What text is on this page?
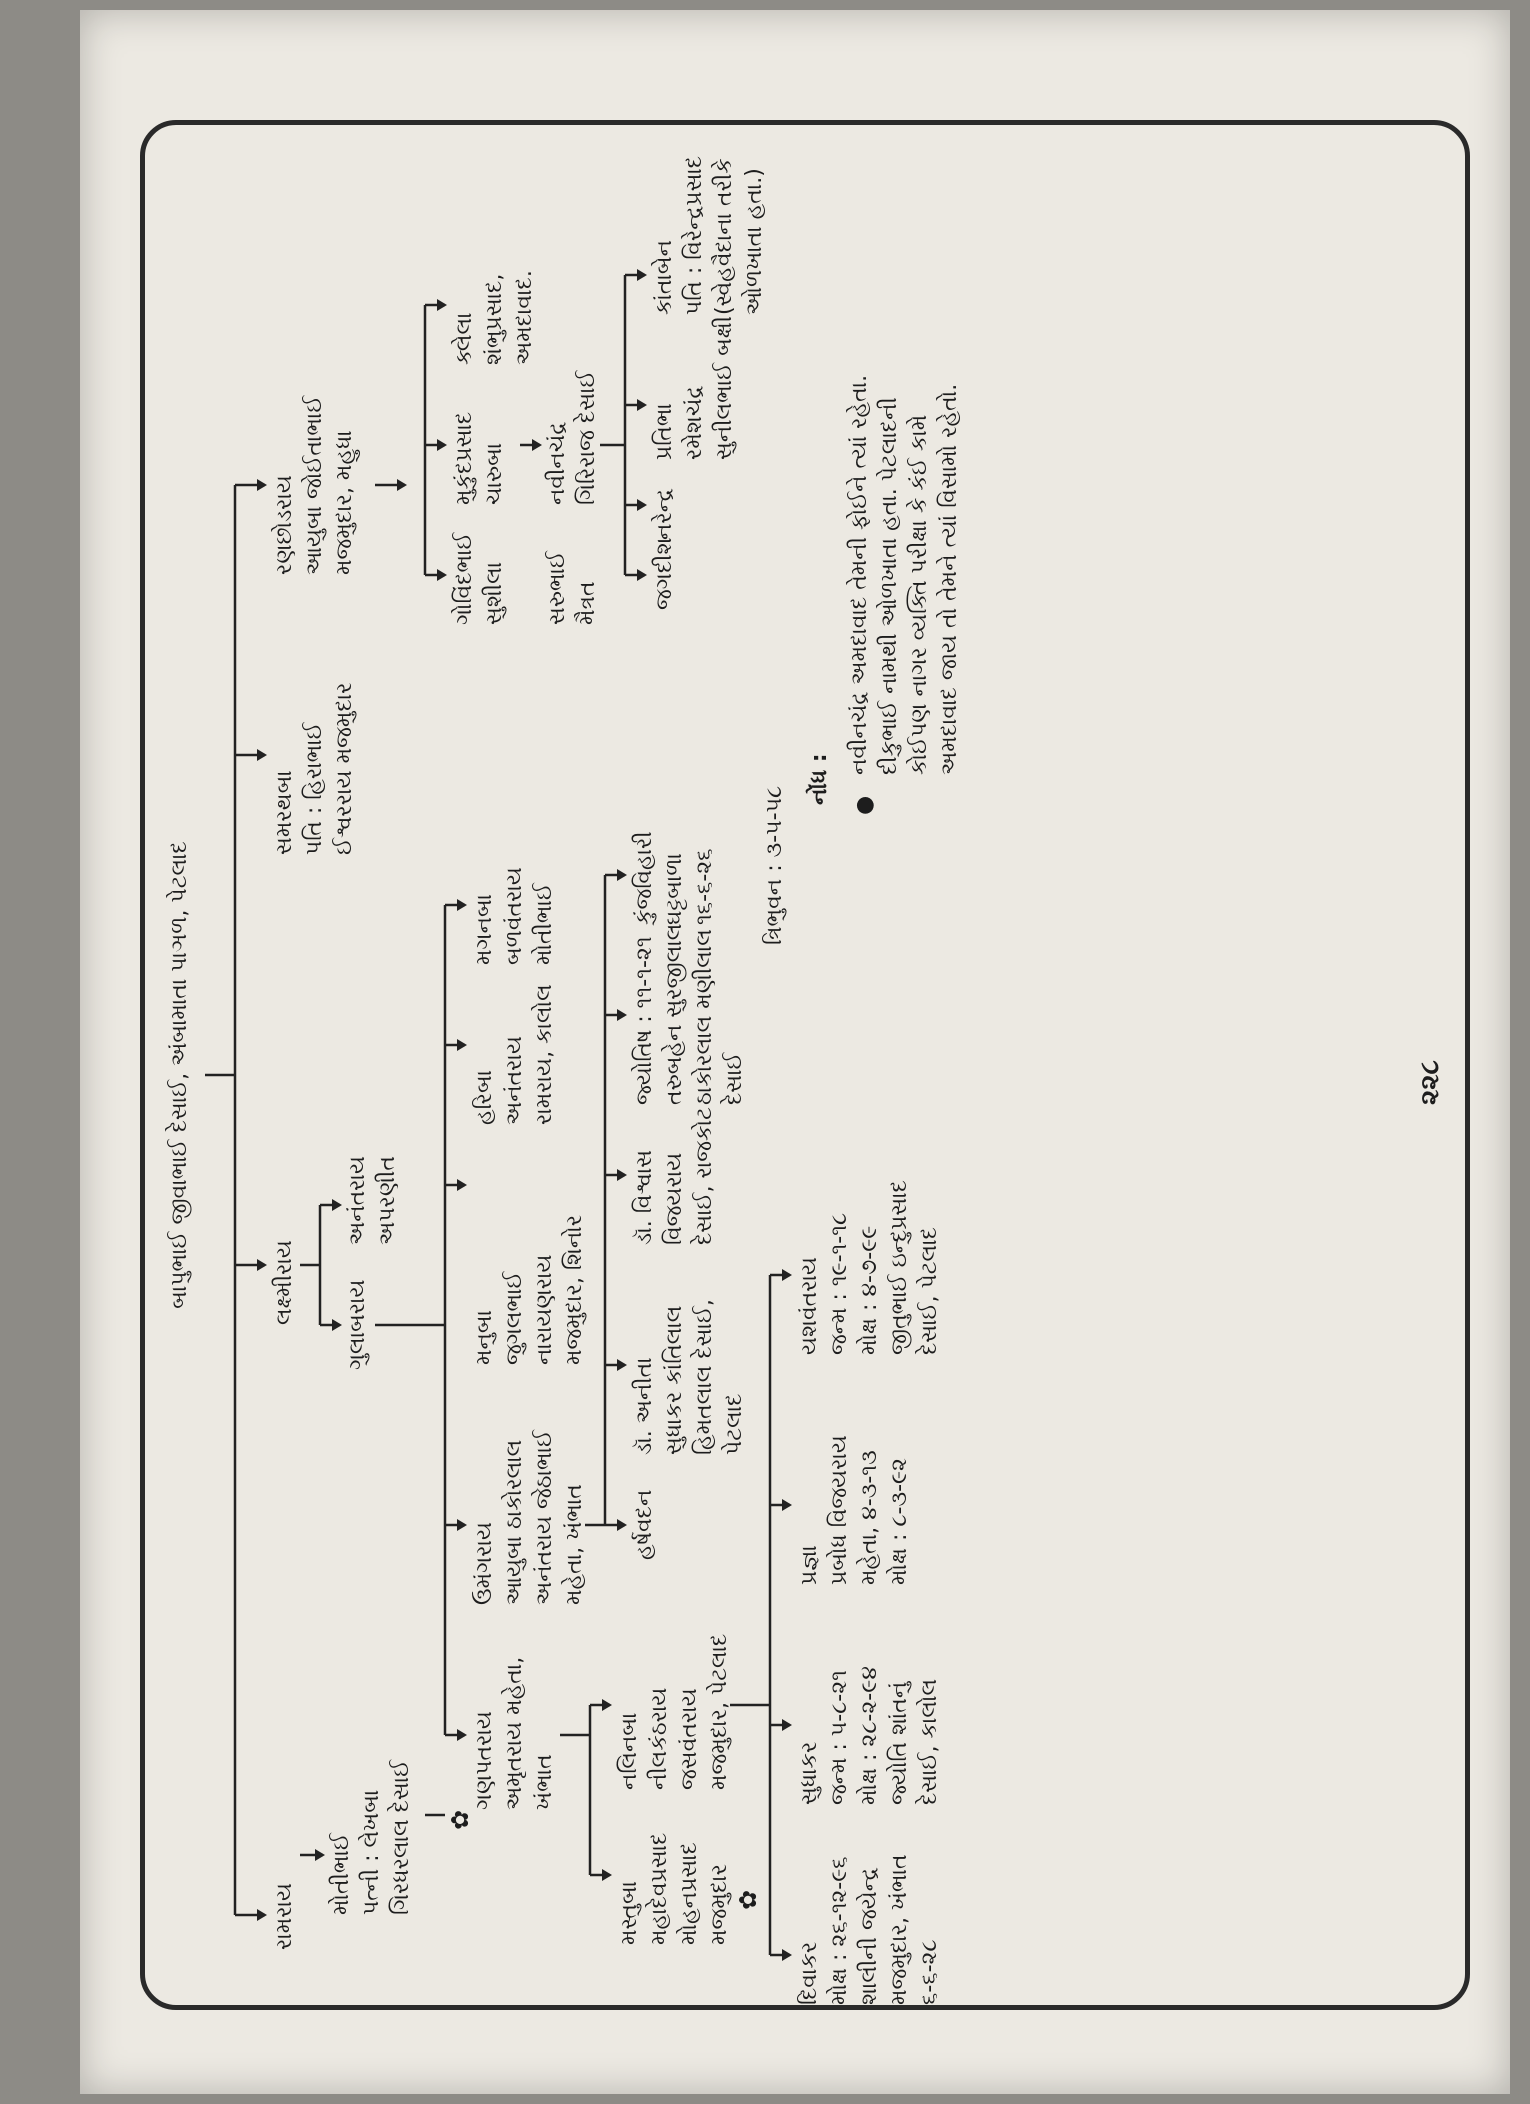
બાપુભાઈ જીવાભાઈ દેસાઈ, અંબામાતા પાઞળ, પેટલાદ
રામરાય
મોતીભાઈ
પત્ની : લેખબા
ગિરધરલાલ દેસાઈ
✿
લક્ષ્મીરાય
સમરથબા
પતિ : હિરાભાઈ
ઈશ્વરરાય મજમુદાર
રણછોડરાય
આયુબા જોઈતાભાઈ
મજમુદાર, મહુધા
ગુલાબરાય
અનંતરાય
અપરણીત
ગણપતરાય
અમૃતરાય મહેતા,
ખંભાત
ઉમંગરાય
આયુબા ઠાકોરલાલ
અનંતરાય જેઠાભાઈ
મહેતા, ખંભાત
મનુબા
જુગલભાઈ
નારાયણરાય
મજમુદાર, શિનોર
હરિબા
અનંતરાય
રામરાય, કાલોલ
મગનબા
બળવંતરાય
મોતીભાઈ
ગોવિંદભાઈ
સુશીલા
મુકુંદપ્રસાદ
ચારુબા
ક્લેલા
શંભુપ્રસાદ,
અમદાવાદ.
સરુભાઈ
મૈત્રત
નવીનચંદ્ર
ગિરિરાજ દેસાઈ
જગદીશ
નરેન્દ્ર
પ્રતિભા
રમેશચંદ્ર
સુનીલભાઈ બક્ષી
કાંતાબેન
પતિ : વિરેન્દ્રપ્રસાદ
(સ્વેહવૈદાના તરીકે
ઓળખાતા હતા.)
મસ્તુબા
મહાદેવપ્રસાદ
મોહનપ્રસાદ
મજમુદાર
નલિનબા
નીલકંઠરાય
જસવંતરાય
મજમુદાર, પેટલાદ
✿
હર્ષવદન
ડૉ. અનીતા
સુધાકર કાંતિલાલ
હિમતલાલ દેસાઈ,
પેટલાદ
ડૉ. વિશ્વાસ
વિજયરાય
દેસાઈ, રાજકોટ
જ્યોતિષ : ૧૧-૧-૨૧
તરુબહેન સુરજીલાલ
ઠાકોરલાલ મણીલાલ
દેસાઈ
કુંજવિહારી
ઘટ્ટબાળા
૧૬-૬-૨૬ ત્રિભુવન : ૩-૫-૫૮
દિવાકર
મોક્ષ : ૨૬-૧૨-૯૬
શાલીની જયેન્દ્ર
મજમુદાર, ખંભાત
૬-૬-૨૮
સુધાકર
જન્મ : ૫-૮-૨૧
મોક્ષ : ૨૮-૨-૯૪
જ્યોતિ શાંતનું
દેસાઈ, કાલોલ
પ્રજ્ઞા
પ્રબોધ વિજયરાય
મહેતા, ૪-૩-૧૩
મોક્ષ : ૮-૩-૯૨
યશવંતરાય
જન્મ : ૧૯-૧-૧૮
મોક્ષ : ૪-૭-૯૯
જીતુભાઈ ઇન્દુપ્રસાદ
દેસાઈ, પેટલાદ
નોંધ :
●
નવીનચંદ્ર અમદાવાદ તેમની ફોઈને ત્યાં રહેતા.
દીકુભાઈ નામથી ઓળખાતા હતા. પેટલાદની
કોઈપણ નાગર વ્યક્તિ પરીક્ષા કે કંઈ કામે
અમદાવાદ જાય તો તેમને ત્યાં વિસામો રહેતો.
૨૨૮
